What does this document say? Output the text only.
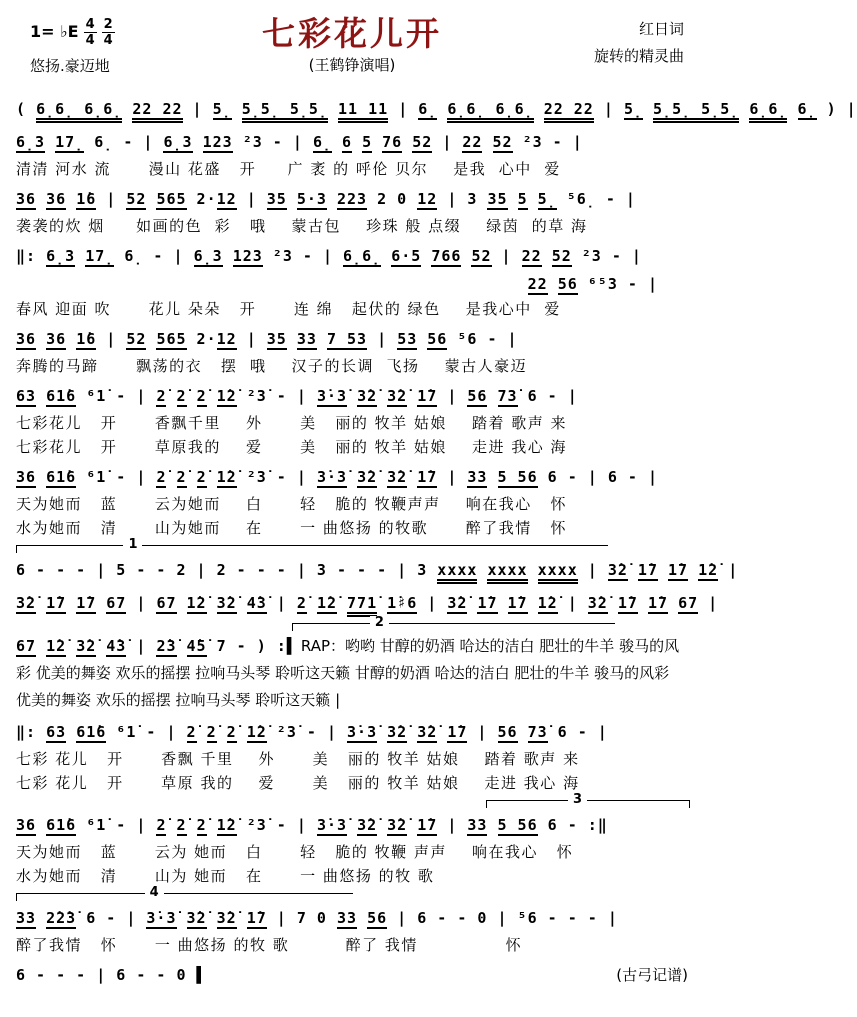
1= ♭E $\frac{4}{4} \frac{2}{4}$
悠扬.豪迈地
七彩花儿开
(王鹤铮演唱)
红日词
旋转的精灵曲
( 6̣6̣ 6̣6̣ 22 22 | 5̣ 5̣5̣ 5̣5̣ 11 11 | 6̣ 6̣6̣ 6̣6̣ 22 22 | 5̣ 5̣5̣ 5̣5̣ 6̣6̣ 6̣ ) |
6̣3 17̣ 6̣ - | 6̣3 123 ²3 - | 6̣ 6 5 76 52 | 22 52 ²3 - |
清清 河水 流      漫山 花盛   开     广 袤 的 呼伦 贝尔    是我  心中  爱
36 36 1̇6 | 52 565 2·12 | 35 5·3 223 2 0 12 | 3 35 5 5̣ ⁵6̣ - |
袭袭的炊 烟     如画的色  彩   哦    蒙古包    珍珠 般 点缀    绿茵  的草 海
‖: 6̣3 17̣ 6̣ - | 6̣3 123 ²3 - | 6̣6̣ 6·5 766 52 | 22 52 ²3 - |
22 56 ⁶⁵3 - |
春风 迎面 吹      花儿 朵朵   开      连 绵   起伏的 绿色    是我心中  爱
36 36 1̇6 | 52 565 2·12 | 35 33 7 53 | 53 56 ⁵6 - |
奔腾的马蹄      飘荡的衣   摆  哦    汉子的长调  飞扬    蒙古人豪迈
63 61̇6 ⁶1̇ - | 2̇ 2̇ 2̇ 1̇2̇ ²3̇ - | 3̇·3̇ 3̇2̇ 3̇2̇ 1̇7 | 56 73̇ 6 - |
七彩花儿   开      香飘千里    外      美   丽的 牧羊 姑娘    踏着 歌声 来
七彩花儿   开      草原我的    爱      美   丽的 牧羊 姑娘    走进 我心 海
36 61̇6 ⁶1̇ - | 2̇ 2̇ 2̇ 1̇2̇ ²3̇ - | 3̇·3̇ 3̇2̇ 3̇2̇ 1̇7 | 33 5 56 6 - | 6 - |
天为她而   蓝      云为她而    白      轻   脆的 牧鞭声声    响在我心   怀
水为她而   清      山为她而    在      一 曲悠扬 的牧歌      醉了我情   怀
1
6 - - - | 5 - - 2 | 2 - - - | 3 - - - | 3 xxxx xxxx xxxx | 3̇2̇ 1̇7 1̇7 1̇2̇ |
3̇2̇ 1̇7 1̇7 67 | 67 1̇2̇ 3̇2̇ 4̇3̇ | 2̇ 1̇2̇ 771̇ 1̇♯6 | 3̇2̇ 1̇7 1̇7 1̇2̇ | 3̇2̇ 1̇7 1̇7 67 |
2
67 1̇2̇ 3̇2̇ 4̇3̇ | 2̇3̇ 4̇5̇ 7 - ) :▌ RAP：哟哟 甘醇的奶酒 哈达的洁白 肥壮的牛羊 骏马的风彩 优美的舞姿 欢乐的摇摆 拉响马头琴 聆听这天籁 甘醇的奶酒 哈达的洁白 肥壮的牛羊 骏马的风彩 优美的舞姿 欢乐的摇摆 拉响马头琴 聆听这天籁 |
‖: 63 61̇6 ⁶1̇ - | 2̇ 2̇ 2̇ 1̇2̇ ²3̇ - | 3̇·3̇ 3̇2̇ 3̇2̇ 1̇7 | 56 73̇ 6 - |
七彩 花儿   开      香飘 千里    外      美   丽的 牧羊 姑娘    踏着 歌声 来
七彩 花儿   开      草原 我的    爱      美   丽的 牧羊 姑娘    走进 我心 海
3
36 61̇6 ⁶1̇ - | 2̇ 2̇ 2̇ 1̇2̇ ²3̇ - | 3̇·3̇ 3̇2̇ 3̇2̇ 1̇7 | 33 5 56 6 - :‖
天为她而   蓝      云为 她而   白      轻   脆的 牧鞭 声声    响在我心   怀
水为她而   清      山为 她而   在      一 曲悠扬 的牧 歌
4
33 2̇2̇3̇ 6 - | 3̇·3̇ 3̇2̇ 3̇2̇ 1̇7 | 7 0 33 56 | 6 - - 0 | ⁵6 - - - |
醉了我情   怀      一 曲悠扬 的牧 歌         醉了 我情              怀
6 - - - | 6 - - 0 ▌	(古弓记谱)
